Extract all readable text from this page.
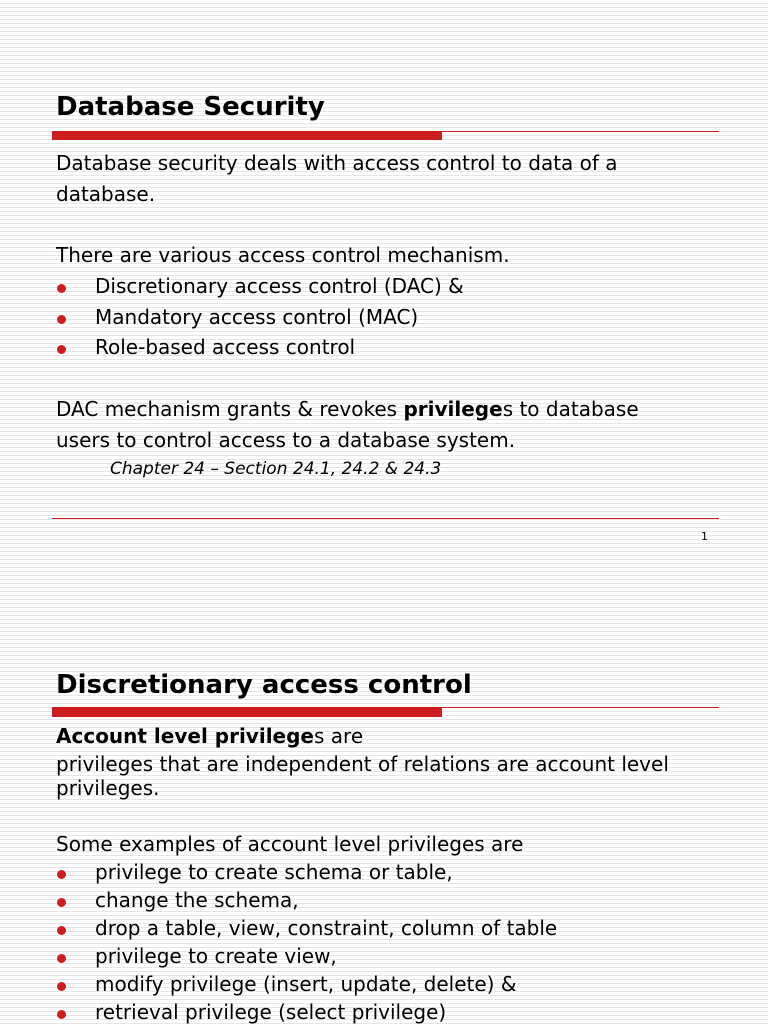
Database Security
Database security deals with access control to data of a
database.
There are various access control mechanism.
Discretionary access control (DAC) &
Mandatory access control (MAC)
Role-based access control
DAC mechanism grants & revokes privileges to database
users to control access to a database system.
Chapter 24 – Section 24.1, 24.2 & 24.3
1
Discretionary access control
Account level privileges are
privileges that are independent of relations are account level
privileges.
Some examples of account level privileges are
privilege to create schema or table,
change the schema,
drop a table, view, constraint, column of table
privilege to create view,
modify privilege (insert, update, delete) &
retrieval privilege (select privilege)
